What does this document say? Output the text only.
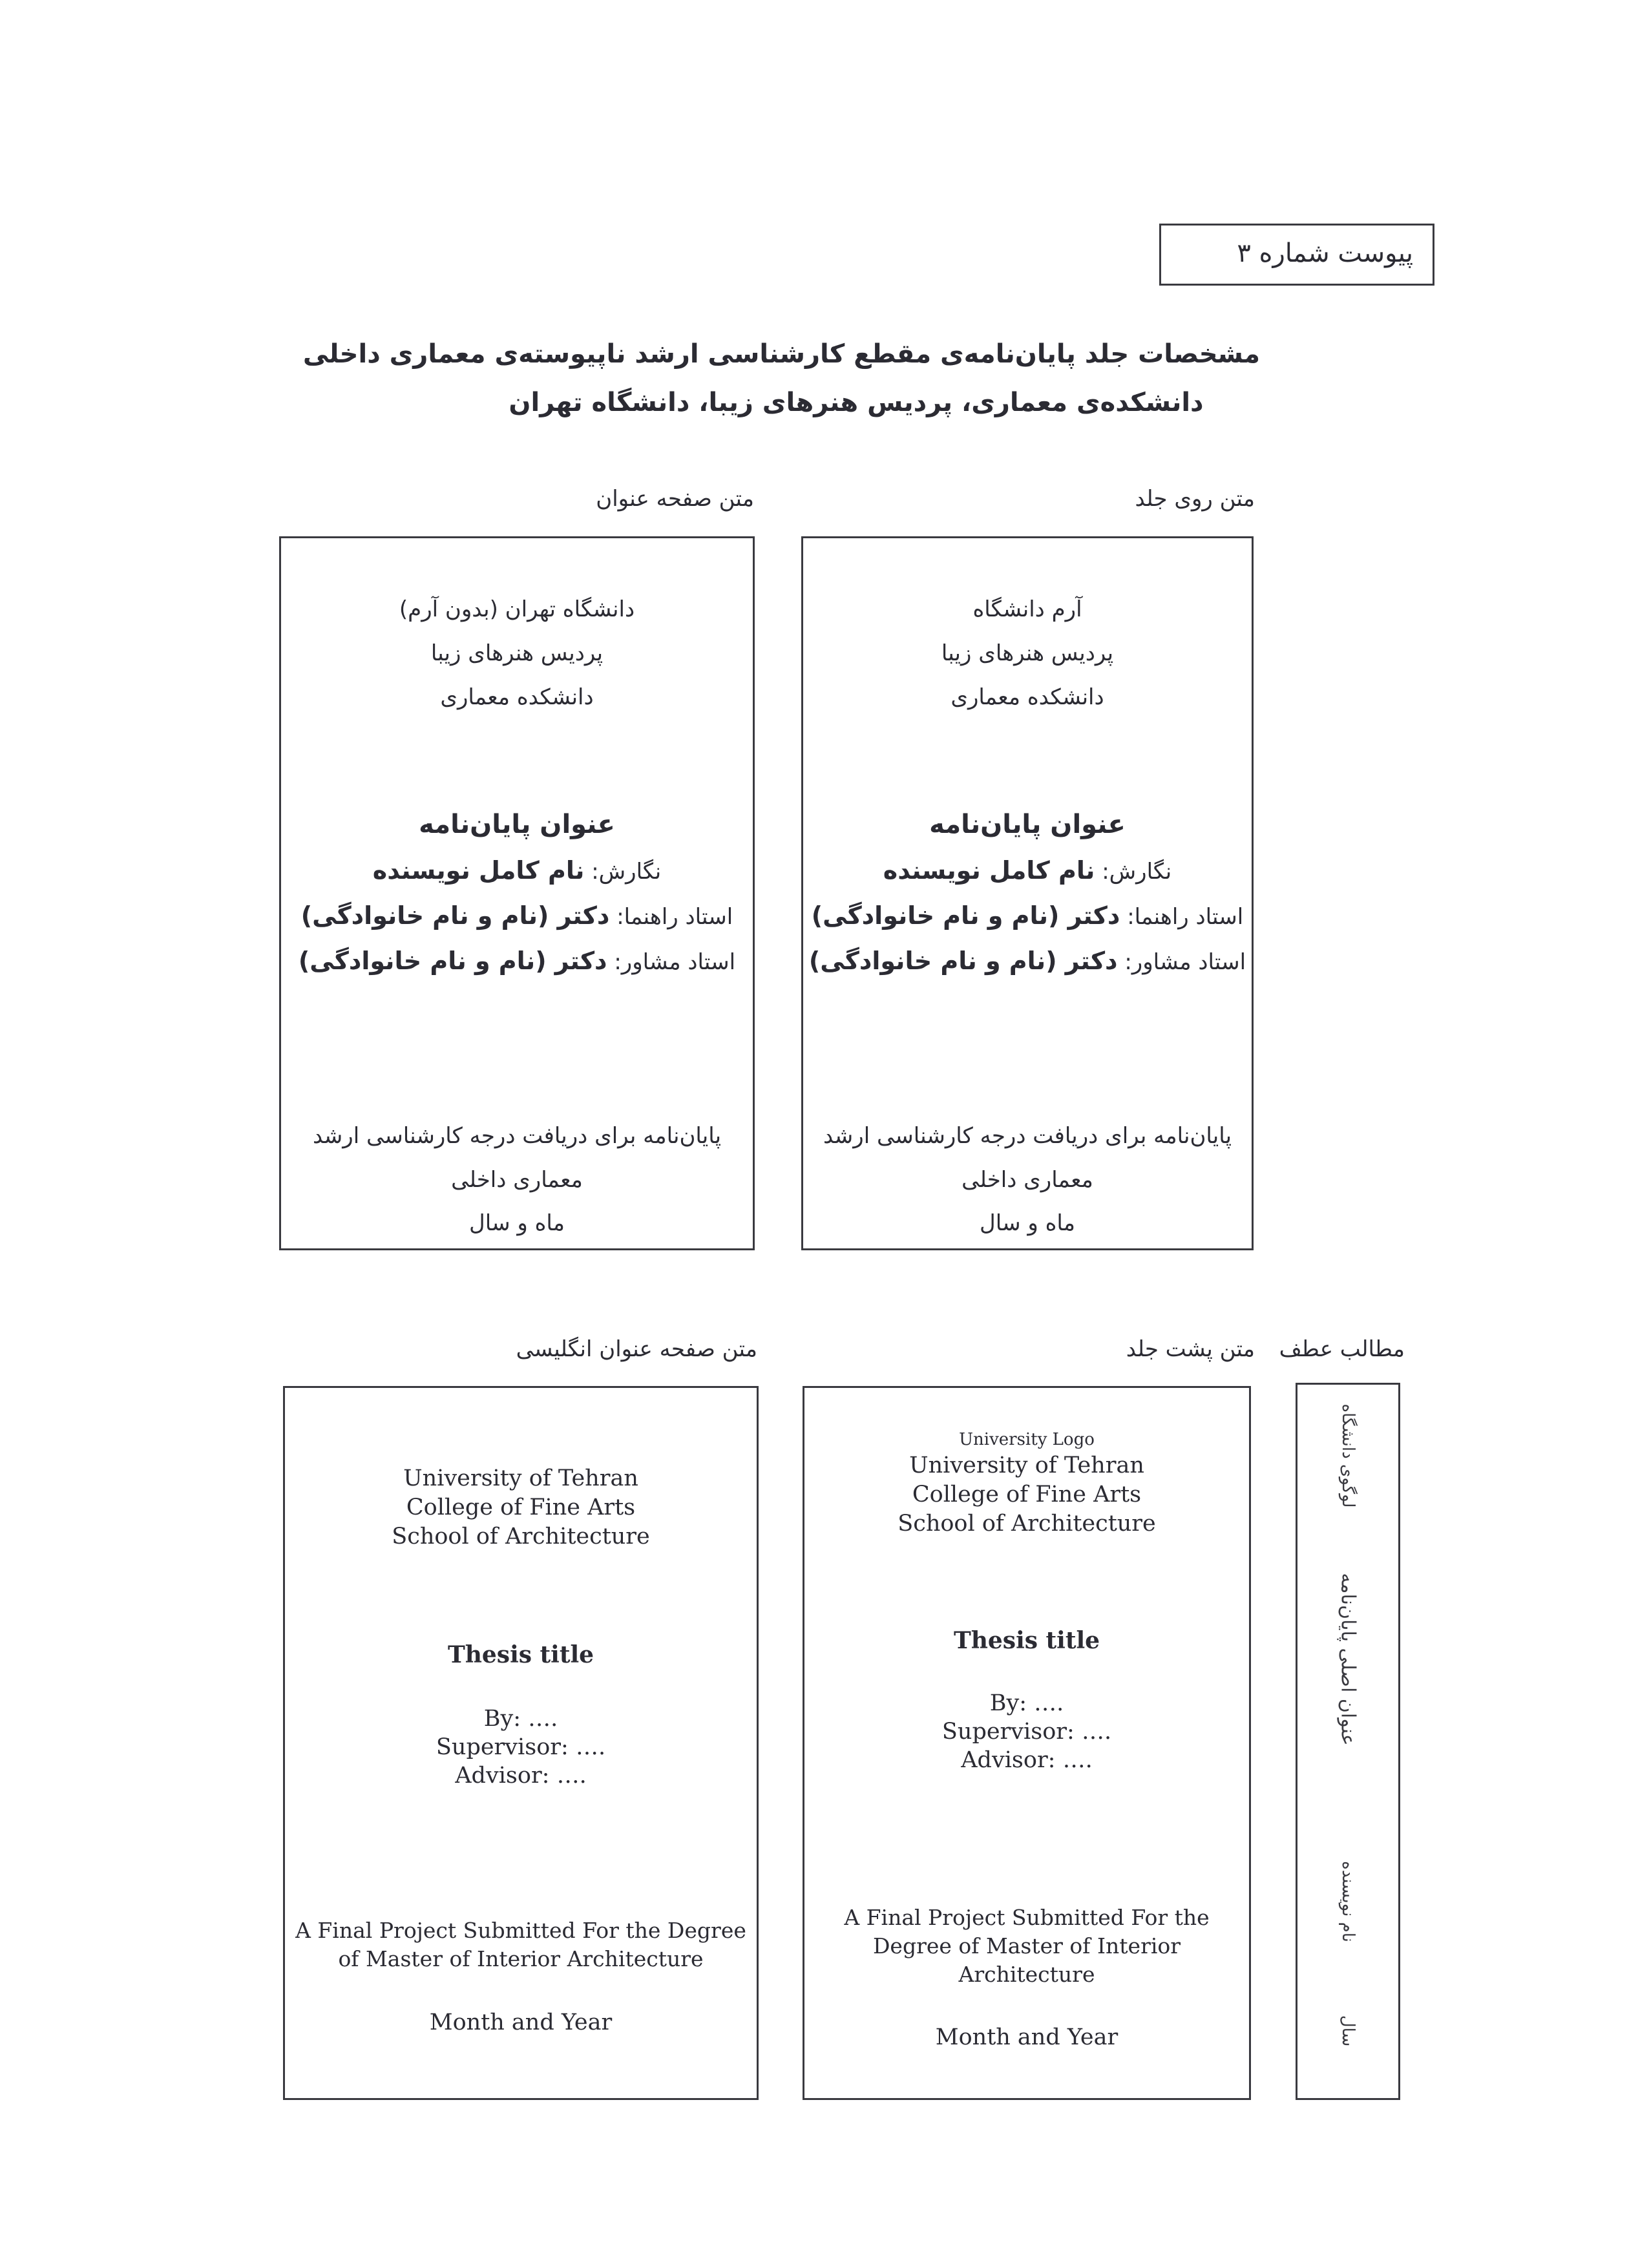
پیوست شماره ۳
مشخصات جلد پایان‌نامه‌ی مقطع کارشناسی ارشد ناپیوسته‌ی معماری داخلی
دانشکده‌ی معماری، پردیس هنرهای زیبا، دانشگاه تهران
متن صفحه عنوان
دانشگاه تهران (بدون آرم)
پردیس هنرهای زیبا
دانشکده معماری
عنوان پایان‌نامه
نگارش: نام کامل نویسنده
استاد راهنما: دکتر (نام و نام خانوادگی)
استاد مشاور: دکتر (نام و نام خانوادگی)
پایان‌نامه برای دریافت درجه کارشناسی ارشد
معماری داخلی
ماه و سال
متن روی جلد
آرم دانشگاه
پردیس هنرهای زیبا
دانشکده معماری
عنوان پایان‌نامه
نگارش: نام کامل نویسنده
استاد راهنما: دکتر (نام و نام خانوادگی)
استاد مشاور: دکتر (نام و نام خانوادگی)
پایان‌نامه برای دریافت درجه کارشناسی ارشد
معماری داخلی
ماه و سال
متن صفحه عنوان انگلیسی
University of Tehran
College of Fine Arts
School of Architecture
Thesis title
By: ….
Supervisor: ….
Advisor: ….
A Final Project Submitted For the Degree
of Master of Interior Architecture
Month and Year
متن پشت جلد
University Logo
University of Tehran
College of Fine Arts
School of Architecture
Thesis title
By: ….
Supervisor: ….
Advisor: ….
A Final Project Submitted For the
Degree of Master of Interior
Architecture
Month and Year
مطالب عطف
لوگوی دانشگاه
عنوان اصلی پایان‌نامه
نام نویسنده
سال
